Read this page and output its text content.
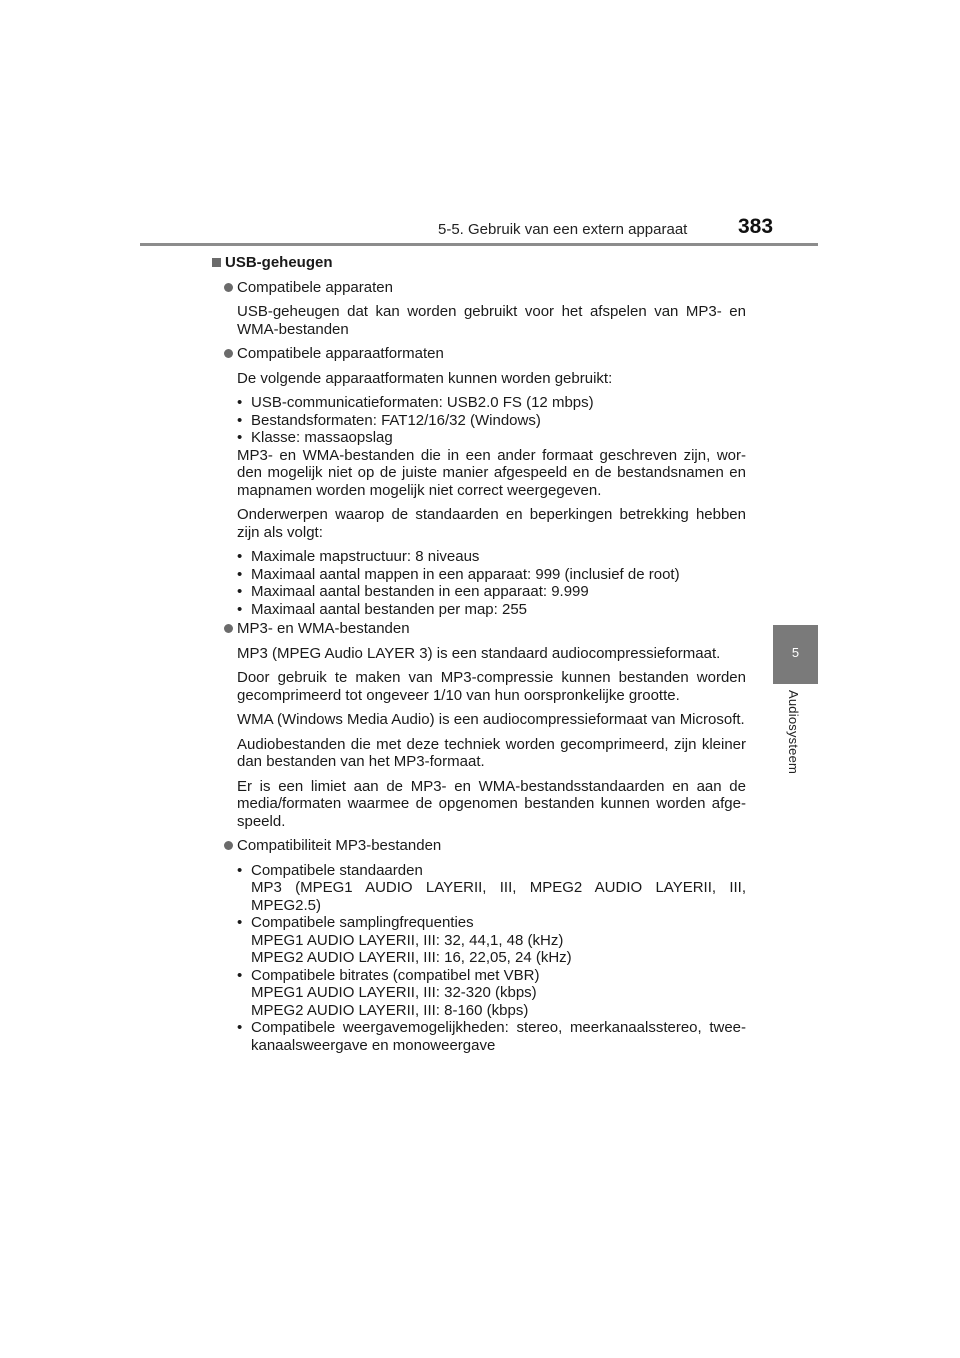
5-5. Gebruik van een extern apparaat 383
5
Audiosysteem
USB-geheugen
Compatibele apparaten
USB-geheugen dat kan worden gebruikt voor het afspelen van MP3- en WMA-bestanden
Compatibele apparaatformaten
De volgende apparaatformaten kunnen worden gebruikt:
• USB-communicatieformaten: USB2.0 FS (12 mbps)
• Bestandsformaten: FAT12/16/32 (Windows)
• Klasse: massaopslag
MP3- en WMA-bestanden die in een ander formaat geschreven zijn, wor-den mogelijk niet op de juiste manier afgespeeld en de bestandsnamen en mapnamen worden mogelijk niet correct weergegeven.
Onderwerpen waarop de standaarden en beperkingen betrekking hebben zijn als volgt:
• Maximale mapstructuur: 8 niveaus
• Maximaal aantal mappen in een apparaat: 999 (inclusief de root)
• Maximaal aantal bestanden in een apparaat: 9.999
• Maximaal aantal bestanden per map: 255
MP3- en WMA-bestanden
MP3 (MPEG Audio LAYER 3) is een standaard audiocompressieformaat.
Door gebruik te maken van MP3-compressie kunnen bestanden worden gecomprimeerd tot ongeveer 1/10 van hun oorspronkelijke grootte.
WMA (Windows Media Audio) is een audiocompressieformaat van Microsoft.
Audiobestanden die met deze techniek worden gecomprimeerd, zijn kleiner dan bestanden van het MP3-formaat.
Er is een limiet aan de MP3- en WMA-bestandsstandaarden en aan de media/formaten waarmee de opgenomen bestanden kunnen worden afge-speeld.
Compatibiliteit MP3-bestanden
• Compatibele standaarden
MP3 (MPEG1 AUDIO LAYERII, III, MPEG2 AUDIO LAYERII, III, MPEG2.5)
• Compatibele samplingfrequenties
MPEG1 AUDIO LAYERII, III: 32, 44,1, 48 (kHz)
MPEG2 AUDIO LAYERII, III: 16, 22,05, 24 (kHz)
• Compatibele bitrates (compatibel met VBR)
MPEG1 AUDIO LAYERII, III: 32-320 (kbps)
MPEG2 AUDIO LAYERII, III: 8-160 (kbps)
• Compatibele weergavemogelijkheden: stereo, meerkanaalsstereo, twee-kanaalsweergave en monoweergave
